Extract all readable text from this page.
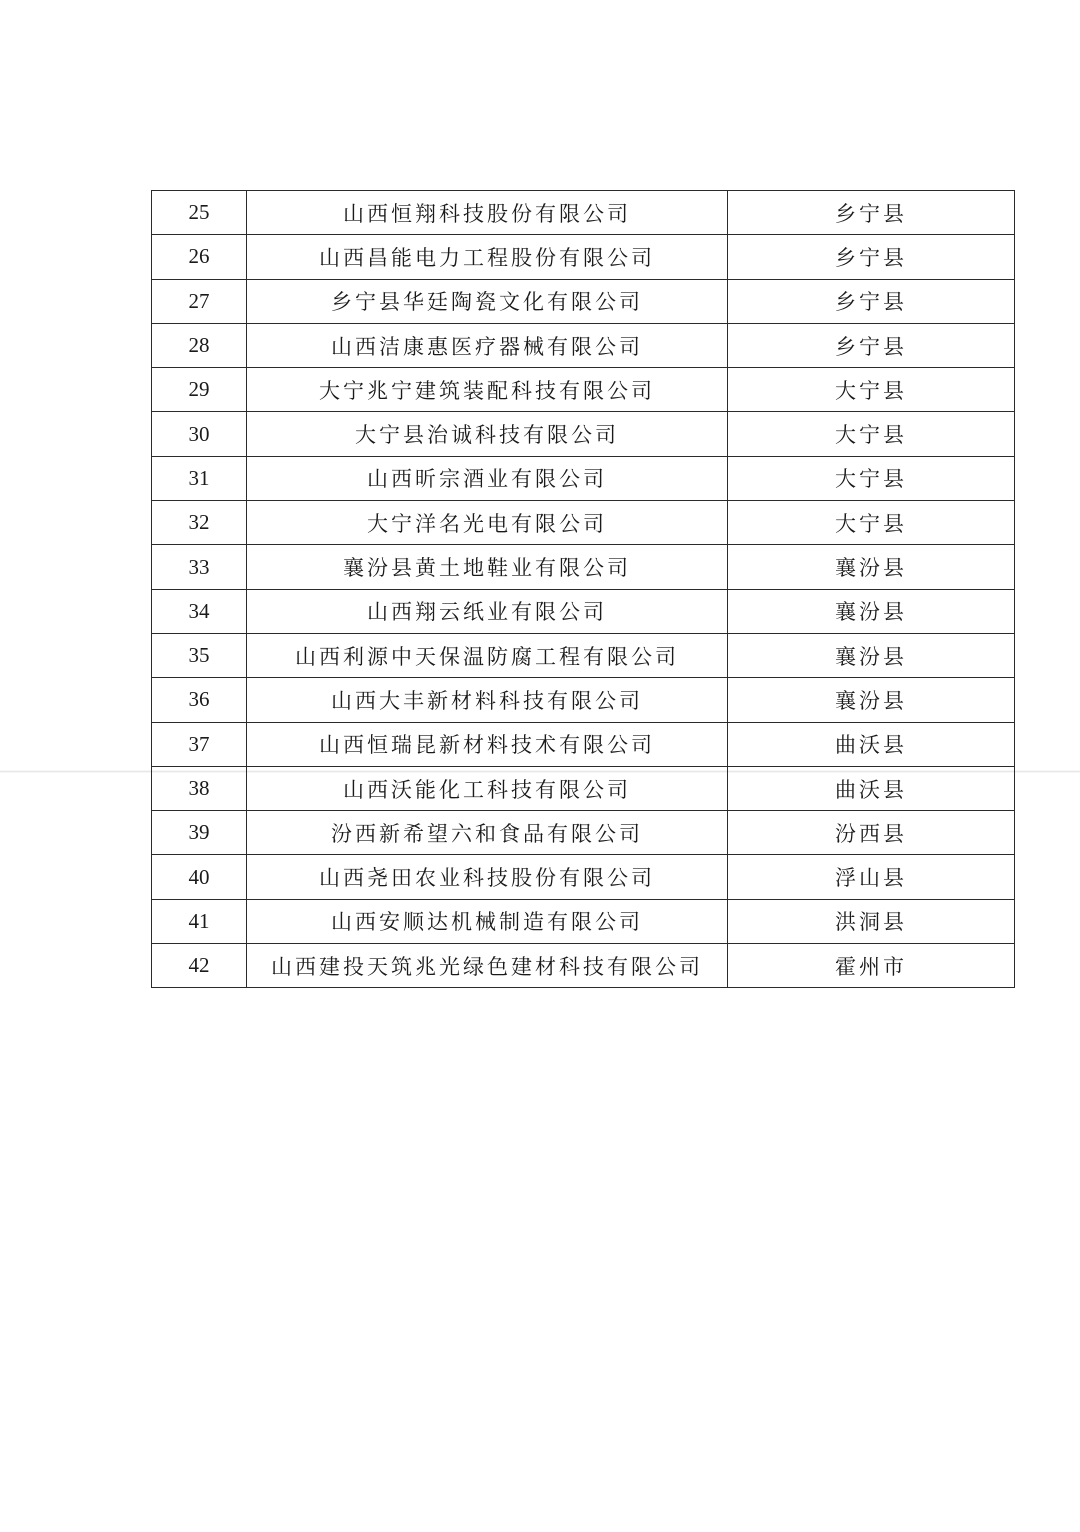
25	山西恒翔科技股份有限公司	乡宁县
26	山西昌能电力工程股份有限公司	乡宁县
27	乡宁县华廷陶瓷文化有限公司	乡宁县
28	山西洁康惠医疗器械有限公司	乡宁县
29	大宁兆宁建筑装配科技有限公司	大宁县
30	大宁县治诚科技有限公司	大宁县
31	山西昕宗酒业有限公司	大宁县
32	大宁洋名光电有限公司	大宁县
33	襄汾县黄土地鞋业有限公司	襄汾县
34	山西翔云纸业有限公司	襄汾县
35	山西利源中天保温防腐工程有限公司	襄汾县
36	山西大丰新材料科技有限公司	襄汾县
37	山西恒瑞昆新材料技术有限公司	曲沃县
38	山西沃能化工科技有限公司	曲沃县
39	汾西新希望六和食品有限公司	汾西县
40	山西尧田农业科技股份有限公司	浮山县
41	山西安顺达机械制造有限公司	洪洞县
42	山西建投天筑兆光绿色建材科技有限公司	霍州市
